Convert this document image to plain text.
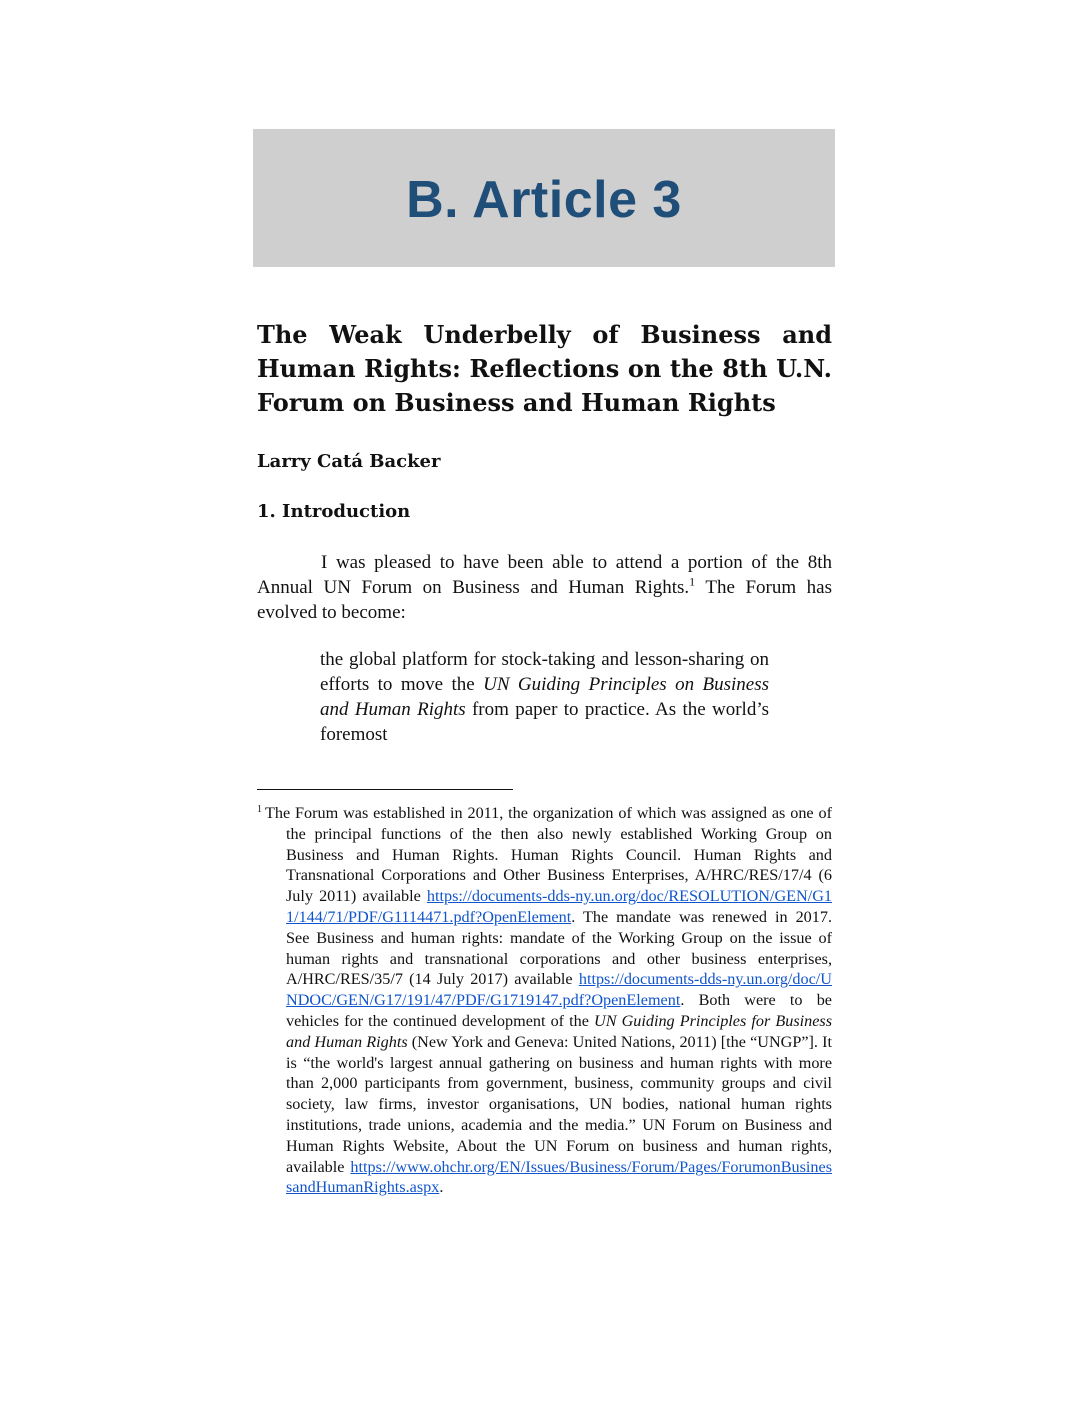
B. Article 3
The Weak Underbelly of Business and Human Rights: Reflections on the 8th U.N. Forum on Business and Human Rights
Larry Catá Backer
1. Introduction

I was pleased to have been able to attend a portion of the 8th Annual UN Forum on Business and Human Rights.$^1$ The Forum has evolved to become:

the global platform for stock-taking and lesson-sharing on efforts to move the UN Guiding Principles on Business and Human Rights from paper to practice. As the world’s foremost

$^1$ The Forum was established in 2011, the organization of which was assigned as one of the principal functions of the then also newly established Working Group on Business and Human Rights. Human Rights Council. Human Rights and Transnational Corporations and Other Business Enterprises, A/HRC/RES/17/4 (6 July 2011) available https://documents-dds-ny.un.org/doc/RESOLUTION/GEN/G11/144/71/PDF/G1114471.pdf?OpenElement. The mandate was renewed in 2017. See Business and human rights: mandate of the Working Group on the issue of human rights and transnational corporations and other business enterprises, A/HRC/RES/35/7 (14 July 2017) available https://documents-dds-ny.un.org/doc/UNDOC/GEN/G17/191/47/PDF/G1719147.pdf?OpenElement. Both were to be vehicles for the continued development of the UN Guiding Principles for Business and Human Rights (New York and Geneva: United Nations, 2011) [the “UNGP”]. It is “the world's largest annual gathering on business and human rights with more than 2,000 participants from government, business, community groups and civil society, law firms, investor organisations, UN bodies, national human rights institutions, trade unions, academia and the media.” UN Forum on Business and Human Rights Website, About the UN Forum on business and human rights, available https://www.ohchr.org/EN/Issues/Business/Forum/Pages/ForumonBusinessandHumanRights.aspx.
